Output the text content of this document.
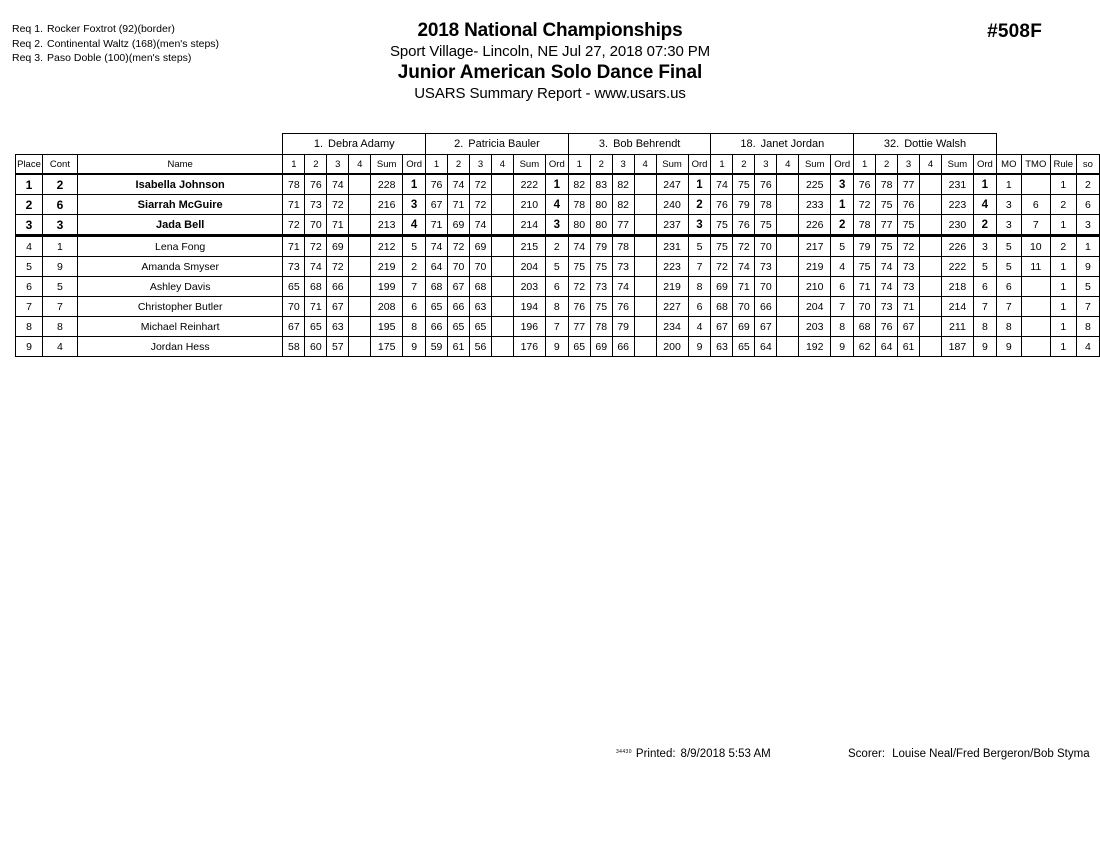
Req 1. Rocker Foxtrot (92)(border)
Req 2. Continental Waltz (168)(men's steps)
Req 3. Paso Doble (100)(men's steps)
2018 National Championships
Sport Village- Lincoln, NE Jul 27, 2018 07:30 PM
Junior American Solo Dance Final
USARS Summary Report - www.usars.us
#508F
			1. Debra Adamy						2. Patricia Bauler						3. Bob Behrendt						18. Janet Jordan						32. Dottie Walsh									
Place	Cont	Name	1	2	3	4	Sum	Ord	1	2	3	4	Sum	Ord	1	2	3	4	Sum	Ord	1	2	3	4	Sum	Ord	1	2	3	4	Sum	Ord	MO	TMO	Rule	so
1	2	Isabella Johnson	78	76	74		228	1	76	74	72		222	1	82	83	82		247	1	74	75	76		225	3	76	78	77		231	1	1		1	2
2	6	Siarrah McGuire	71	73	72		216	3	67	71	72		210	4	78	80	82		240	2	76	79	78		233	1	72	75	76		223	4	3	6	2	6
3	3	Jada Bell	72	70	71		213	4	71	69	74		214	3	80	80	77		237	3	75	76	75		226	2	78	77	75		230	2	3	7	1	3
4	1	Lena Fong	71	72	69		212	5	74	72	69		215	2	74	79	78		231	5	75	72	70		217	5	79	75	72		226	3	5	10	2	1
5	9	Amanda Smyser	73	74	72		219	2	64	70	70		204	5	75	75	73		223	7	72	74	73		219	4	75	74	73		222	5	5	11	1	9
6	5	Ashley Davis	65	68	66		199	7	68	67	68		203	6	72	73	74		219	8	69	71	70		210	6	71	74	73		218	6	6		1	5
7	7	Christopher Butler	70	71	67		208	6	65	66	63		194	8	76	75	76		227	6	68	70	66		204	7	70	73	71		214	7	7		1	7
8	8	Michael Reinhart	67	65	63		195	8	66	65	65		196	7	77	78	79		234	4	67	69	67		203	8	68	76	67		211	8	8		1	8
9	4	Jordan Hess	58	60	57		175	9	59	61	56		176	9	65	69	66		200	9	63	65	64		192	9	62	64	61		187	9	9		1	4
$^{34430}$ Printed: 8/9/2018 5:53 AM	Scorer: Louise Neal/Fred Bergeron/Bob Styma
